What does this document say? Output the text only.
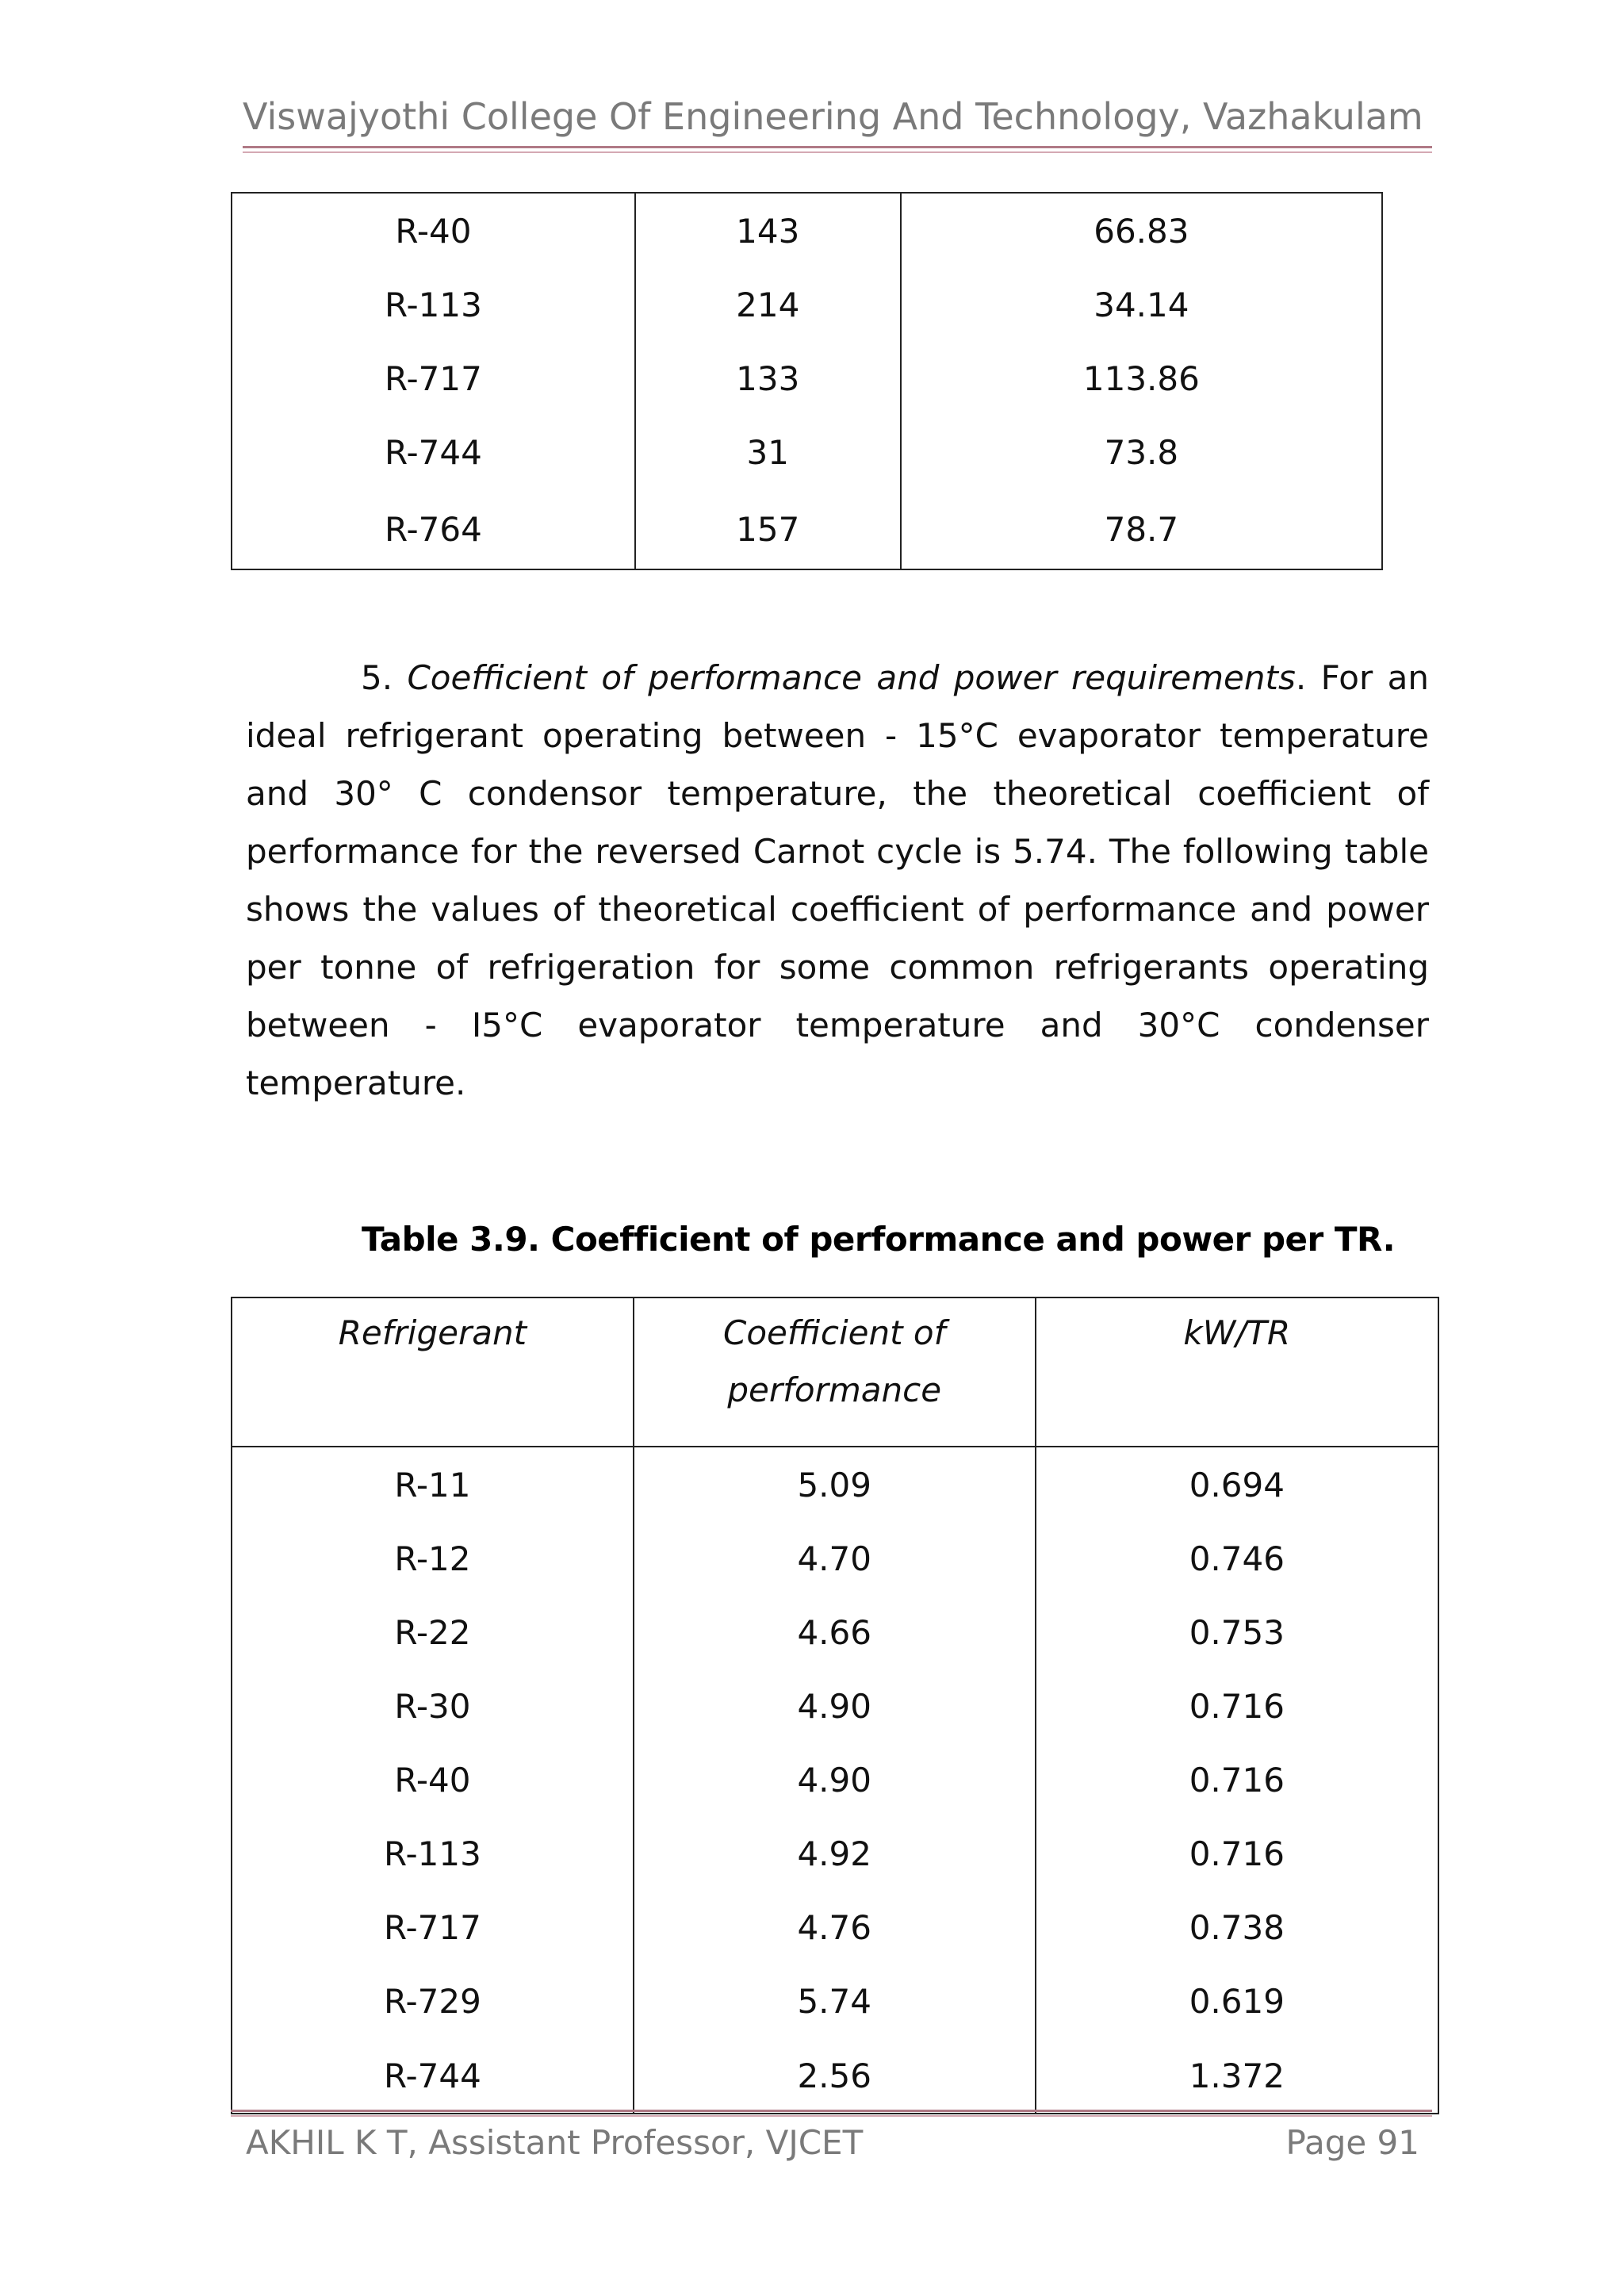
Viswajyothi College Of Engineering And Technology, Vazhakulam
R-40	143	66.83
R-113	214	34.14
R-717	133	113.86
R-744	31	73.8
R-764	157	78.7
5. Coefficient of performance and power requirements. For an ideal refrigerant operating between - 15°C evaporator temperature and 30° C condensor temperature, the theoretical coefficient of performance for the reversed Carnot cycle is 5.74. The following table shows the values of theoretical coefficient of performance and power per tonne of refrigeration for some common refrigerants operating between - I5°C evaporator temperature and 30°C condenser temperature.
Table 3.9. Coefficient of performance and power per TR.
Refrigerant	Coefficient of performance	kW/TR
R-11	5.09	0.694
R-12	4.70	0.746
R-22	4.66	0.753
R-30	4.90	0.716
R-40	4.90	0.716
R-113	4.92	0.716
R-717	4.76	0.738
R-729	5.74	0.619
R-744	2.56	1.372
AKHIL K T, Assistant Professor, VJCET	Page 91
